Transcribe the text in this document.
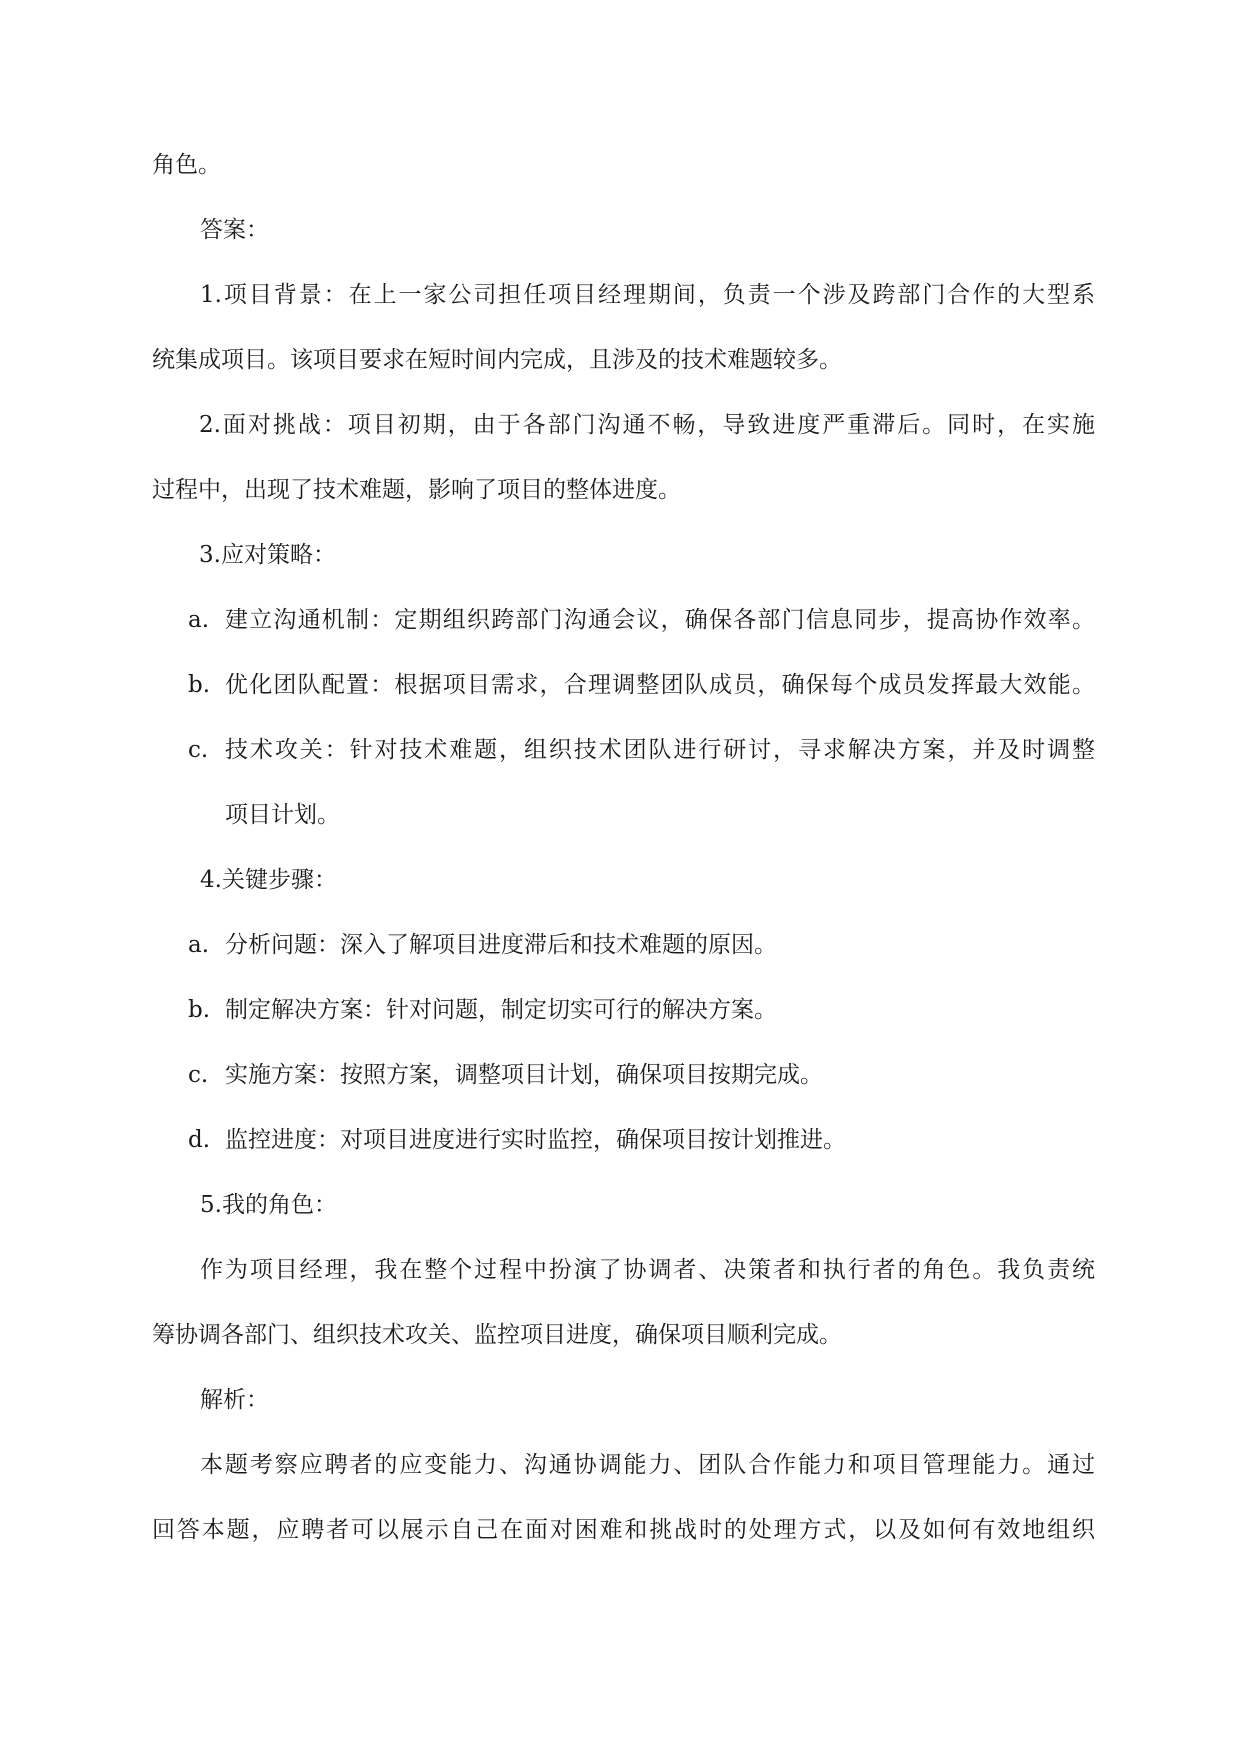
角色。
答案：
1.项目背景：在上一家公司担任项目经理期间，负责一个涉及跨部门合作的大型系
统集成项目。该项目要求在短时间内完成，且涉及的技术难题较多。
2.面对挑战：项目初期，由于各部门沟通不畅，导致进度严重滞后。同时，在实施
过程中，出现了技术难题，影响了项目的整体进度。
3.应对策略：
a. 建立沟通机制：定期组织跨部门沟通会议，确保各部门信息同步，提高协作效率。
b. 优化团队配置：根据项目需求，合理调整团队成员，确保每个成员发挥最大效能。
c. 技术攻关：针对技术难题，组织技术团队进行研讨，寻求解决方案，并及时调整
项目计划。
4.关键步骤：
a. 分析问题：深入了解项目进度滞后和技术难题的原因。
b. 制定解决方案：针对问题，制定切实可行的解决方案。
c. 实施方案：按照方案，调整项目计划，确保项目按期完成。
d. 监控进度：对项目进度进行实时监控，确保项目按计划推进。
5.我的角色：
作为项目经理，我在整个过程中扮演了协调者、决策者和执行者的角色。我负责统
筹协调各部门、组织技术攻关、监控项目进度，确保项目顺利完成。
解析：
本题考察应聘者的应变能力、沟通协调能力、团队合作能力和项目管理能力。通过
回答本题，应聘者可以展示自己在面对困难和挑战时的处理方式，以及如何有效地组织
